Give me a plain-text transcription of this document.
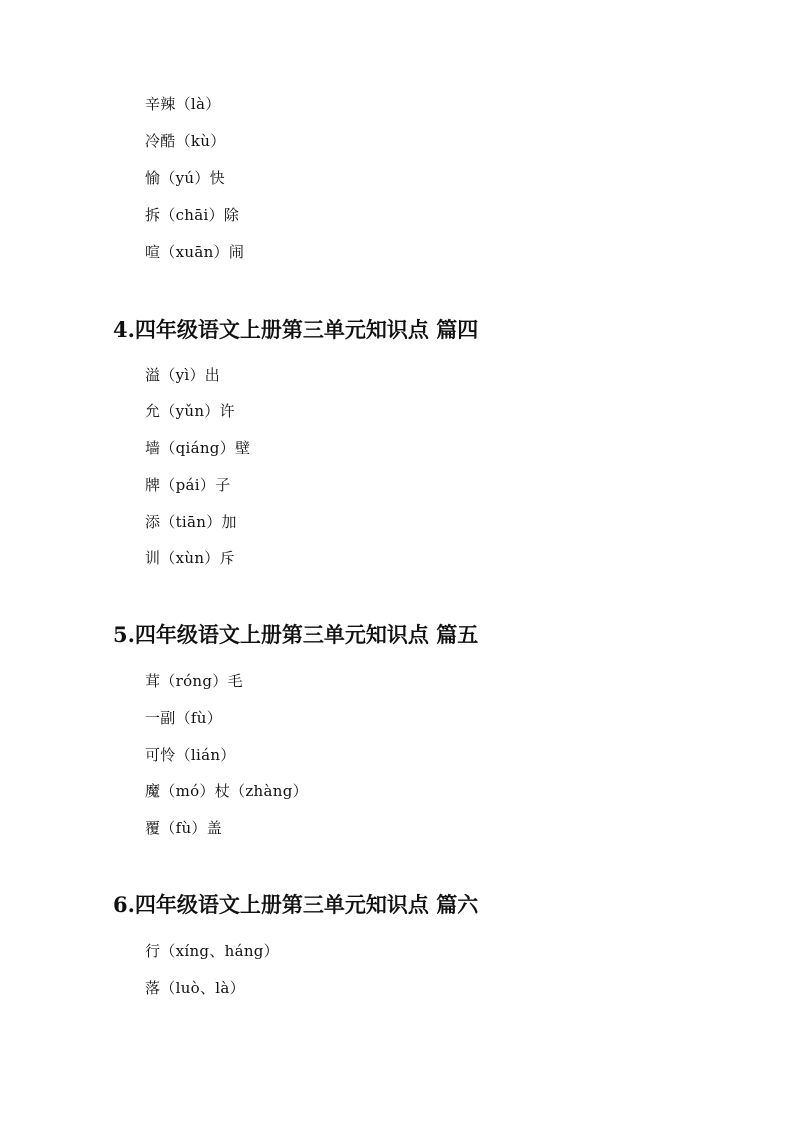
辛辣（là）
冷酷（kù）
愉（yú）快
拆（chāi）除
喧（xuān）闹
4.四年级语文上册第三单元知识点 篇四
溢（yì）出
允（yǔn）许
墙（qiáng）壁
牌（pái）子
添（tiān）加
训（xùn）斥
5.四年级语文上册第三单元知识点 篇五
茸（róng）毛
一副（fù）
可怜（lián）
魔（mó）杖（zhàng）
覆（fù）盖
6.四年级语文上册第三单元知识点 篇六
行（xíng、háng）
落（luò、là）
